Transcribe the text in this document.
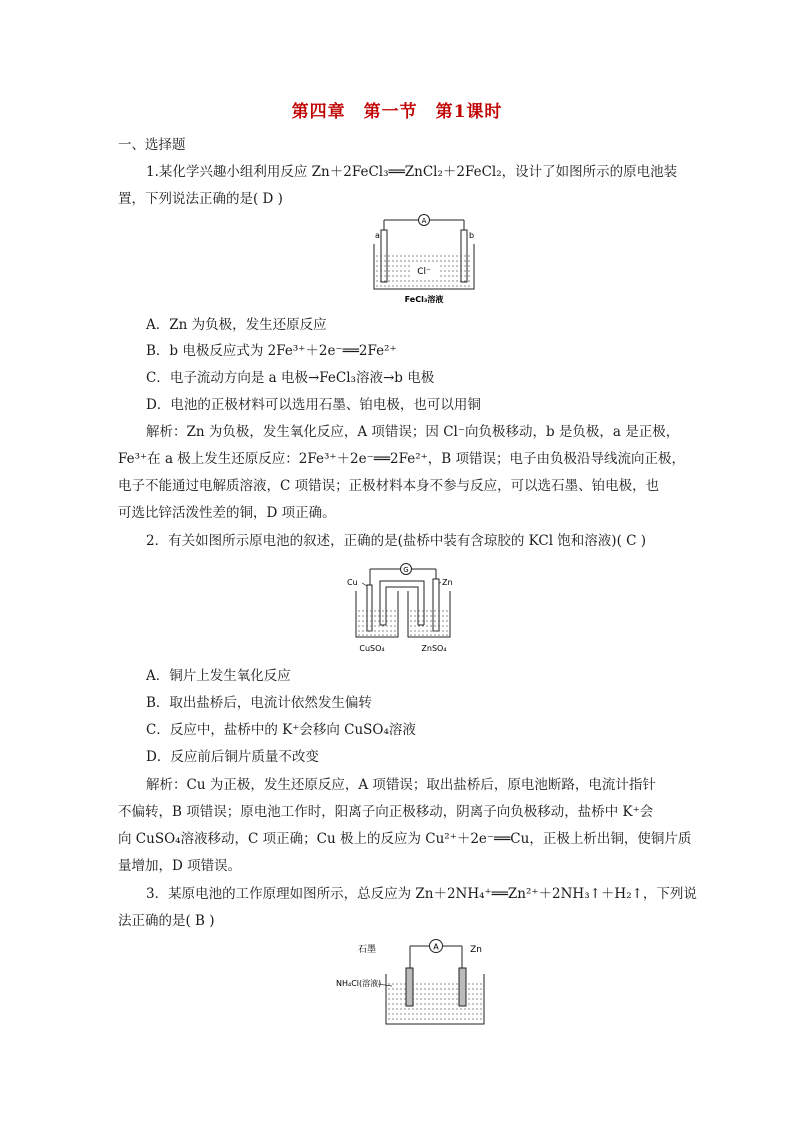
第四章　第一节　第1课时
一、选择题
1.某化学兴趣小组利用反应 Zn＋2FeCl₃══ZnCl₂＋2FeCl₂，设计了如图所示的原电池装
置，下列说法正确的是( D )
A
a	b
Cl⁻
FeCl₃溶液
A．Zn 为负极，发生还原反应
B．b 电极反应式为 2Fe³⁺＋2e⁻══2Fe²⁺
C．电子流动方向是 a 电极→FeCl₃溶液→b 电极
D．电池的正极材料可以选用石墨、铂电极，也可以用铜
解析：Zn 为负极，发生氧化反应，A 项错误；因 Cl⁻向负极移动，b 是负极，a 是正极，
Fe³⁺在 a 极上发生还原反应：2Fe³⁺＋2e⁻══2Fe²⁺，B 项错误；电子由负极沿导线流向正极，
电子不能通过电解质溶液，C 项错误；正极材料本身不参与反应，可以选石墨、铂电极，也
可选比锌活泼性差的铜，D 项正确。
2．有关如图所示原电池的叙述，正确的是(盐桥中装有含琼胶的 KCl 饱和溶液)( C )
G
Cu	Zn
CuSO₄	ZnSO₄
A．铜片上发生氧化反应
B．取出盐桥后，电流计依然发生偏转
C．反应中，盐桥中的 K⁺会移向 CuSO₄溶液
D．反应前后铜片质量不改变
解析：Cu 为正极，发生还原反应，A 项错误；取出盐桥后，原电池断路，电流计指针
不偏转，B 项错误；原电池工作时，阳离子向正极移动，阴离子向负极移动，盐桥中 K⁺会
向 CuSO₄溶液移动，C 项正确；Cu 极上的反应为 Cu²⁺＋2e⁻══Cu，正极上析出铜，使铜片质
量增加，D 项错误。
3．某原电池的工作原理如图所示，总反应为 Zn＋2NH₄⁺══Zn²⁺＋2NH₃↑＋H₂↑，下列说
法正确的是( B )
石墨	Zn
A
NH₄Cl(溶液)
